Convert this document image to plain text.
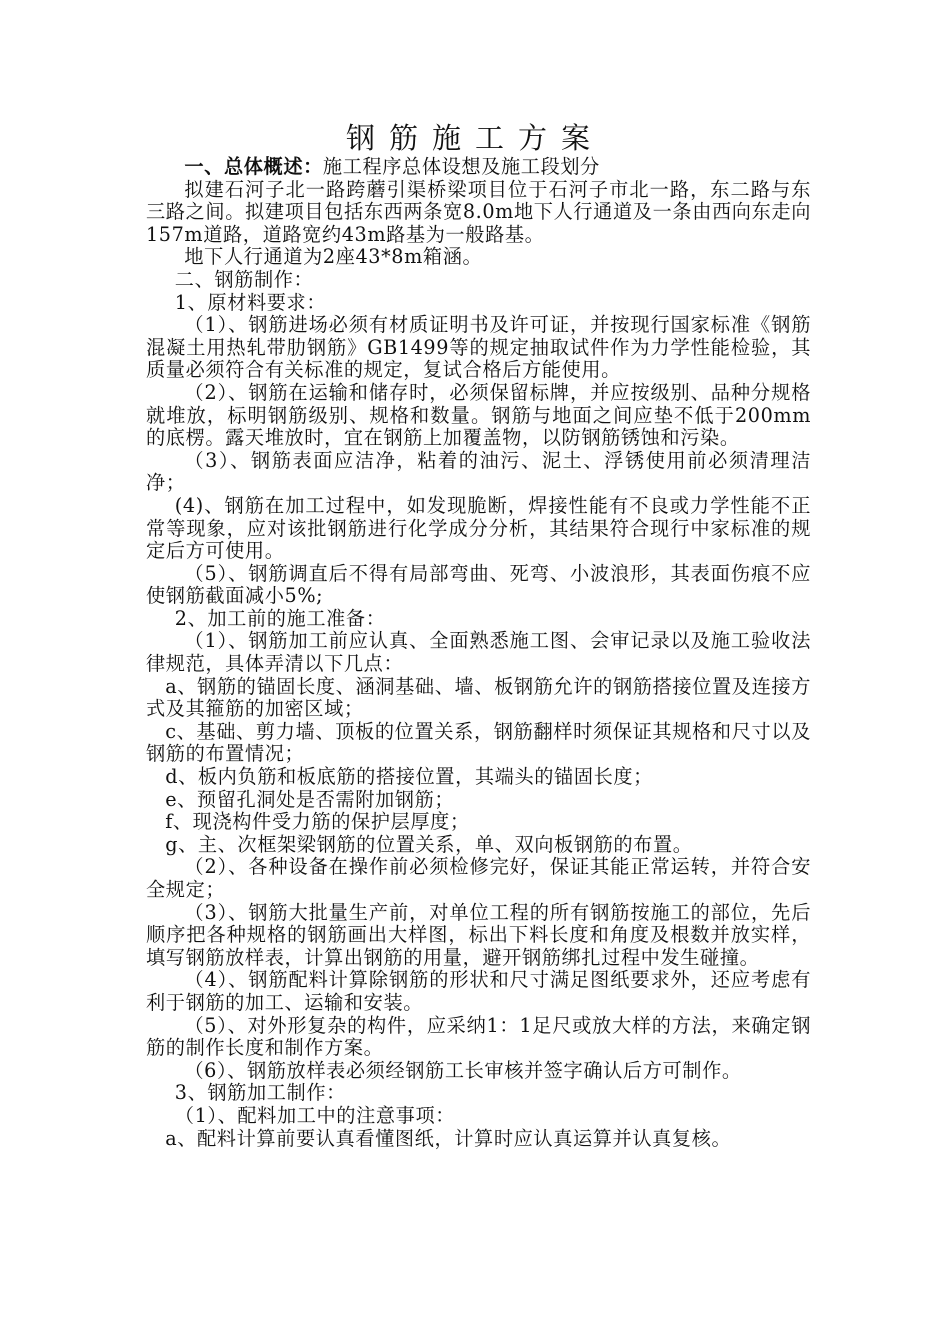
钢筋施工方案

一、总体概述：施工程序总体设想及施工段划分

拟建石河子北一路跨蘑引渠桥梁项目位于石河子市北一路，东二路与东三路之间。拟建项目包括东西两条宽8.0m地下人行通道及一条由西向东走向157m道路，道路宽约43m路基为一般路基。

地下人行通道为2座43*8m箱涵。

二、钢筋制作：

1、原材料要求：

（1）、钢筋进场必须有材质证明书及许可证，并按现行国家标准《钢筋混凝土用热轧带肋钢筋》GB1499等的规定抽取试件作为力学性能检验，其质量必须符合有关标准的规定，复试合格后方能使用。

（2）、钢筋在运输和储存时，必须保留标牌，并应按级别、品种分规格就堆放，标明钢筋级别、规格和数量。钢筋与地面之间应垫不低于200mm的底楞。露天堆放时，宜在钢筋上加覆盖物，以防钢筋锈蚀和污染。

（3）、钢筋表面应洁净，粘着的油污、泥土、浮锈使用前必须清理洁净；

(4)、钢筋在加工过程中，如发现脆断，焊接性能有不良或力学性能不正常等现象，应对该批钢筋进行化学成分分析，其结果符合现行中家标准的规定后方可使用。

（5）、钢筋调直后不得有局部弯曲、死弯、小波浪形，其表面伤痕不应使钢筋截面减小5%;

2、加工前的施工准备：

（1）、钢筋加工前应认真、全面熟悉施工图、会审记录以及施工验收法律规范，具体弄清以下几点：

a、钢筋的锚固长度、涵洞基础、墙、板钢筋允许的钢筋搭接位置及连接方式及其箍筋的加密区域；

c、基础、剪力墙、顶板的位置关系，钢筋翻样时须保证其规格和尺寸以及钢筋的布置情况；

d、板内负筋和板底筋的搭接位置，其端头的锚固长度；

e、预留孔洞处是否需附加钢筋；

f、现浇构件受力筋的保护层厚度；

g、主、次框架梁钢筋的位置关系，单、双向板钢筋的布置。

（2）、各种设备在操作前必须检修完好，保证其能正常运转，并符合安全规定；

（3）、钢筋大批量生产前，对单位工程的所有钢筋按施工的部位，先后顺序把各种规格的钢筋画出大样图，标出下料长度和角度及根数并放实样，填写钢筋放样表，计算出钢筋的用量，避开钢筋绑扎过程中发生碰撞。

（4）、钢筋配料计算除钢筋的形状和尺寸满足图纸要求外，还应考虑有利于钢筋的加工、运输和安装。

（5）、对外形复杂的构件，应采纳1：1足尺或放大样的方法，来确定钢筋的制作长度和制作方案。

（6）、钢筋放样表必须经钢筋工长审核并签字确认后方可制作。

3、钢筋加工制作：

（1）、配料加工中的注意事项：

a、配料计算前要认真看懂图纸，计算时应认真运算并认真复核。
